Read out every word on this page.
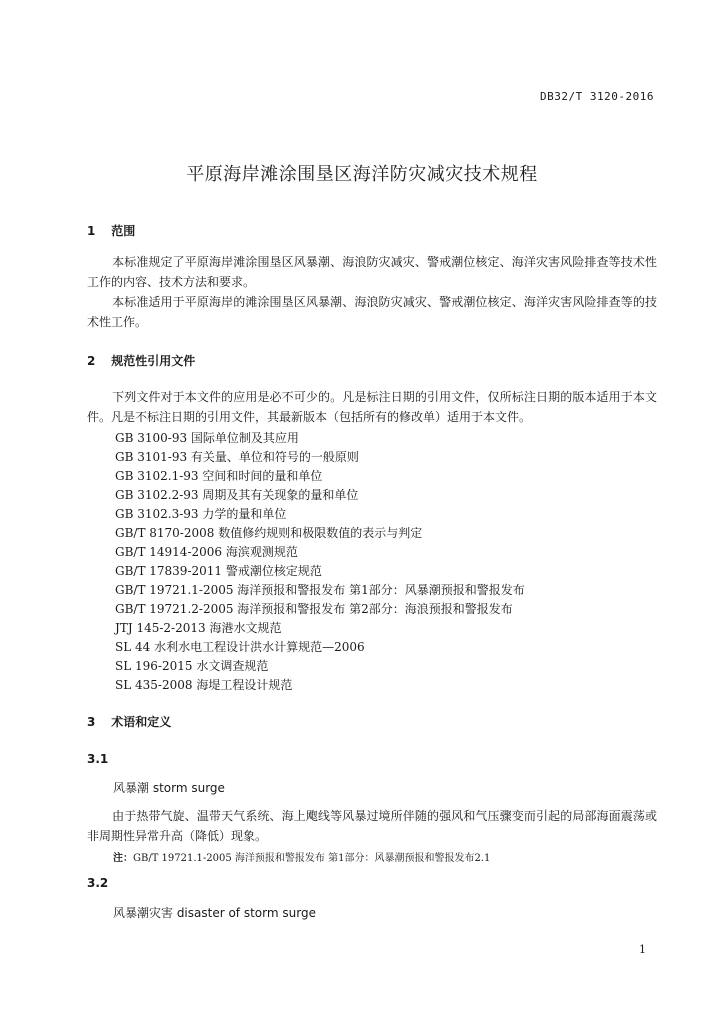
DB32/T 3120-2016
平原海岸滩涂围垦区海洋防灾减灾技术规程
1 范围

本标准规定了平原海岸滩涂围垦区风暴潮、海浪防灾减灾、警戒潮位核定、海洋灾害风险排查等技术性工作的内容、技术方法和要求。

本标准适用于平原海岸的滩涂围垦区风暴潮、海浪防灾减灾、警戒潮位核定、海洋灾害风险排查等的技术性工作。

2 规范性引用文件

下列文件对于本文件的应用是必不可少的。凡是标注日期的引用文件，仅所标注日期的版本适用于本文件。凡是不标注日期的引用文件，其最新版本（包括所有的修改单）适用于本文件。

GB 3100-93 国际单位制及其应用
GB 3101-93 有关量、单位和符号的一般原则
GB 3102.1-93 空间和时间的量和单位
GB 3102.2-93 周期及其有关现象的量和单位
GB 3102.3-93 力学的量和单位
GB/T 8170-2008 数值修约规则和极限数值的表示与判定
GB/T 14914-2006 海滨观测规范
GB/T 17839-2011 警戒潮位核定规范
GB/T 19721.1-2005 海洋预报和警报发布 第1部分：风暴潮预报和警报发布
GB/T 19721.2-2005 海洋预报和警报发布 第2部分：海浪预报和警报发布
JTJ 145-2-2013 海港水文规范
SL 44 水利水电工程设计洪水计算规范—2006
SL 196-2015 水文调查规范
SL 435-2008 海堤工程设计规范
3 术语和定义
3.1
风暴潮 storm surge

由于热带气旋、温带天气系统、海上飑线等风暴过境所伴随的强风和气压骤变而引起的局部海面震荡或非周期性异常升高（降低）现象。

注：GB/T 19721.1-2005 海洋预报和警报发布 第1部分：风暴潮预报和警报发布2.1
3.2
风暴潮灾害 disaster of storm surge
1
